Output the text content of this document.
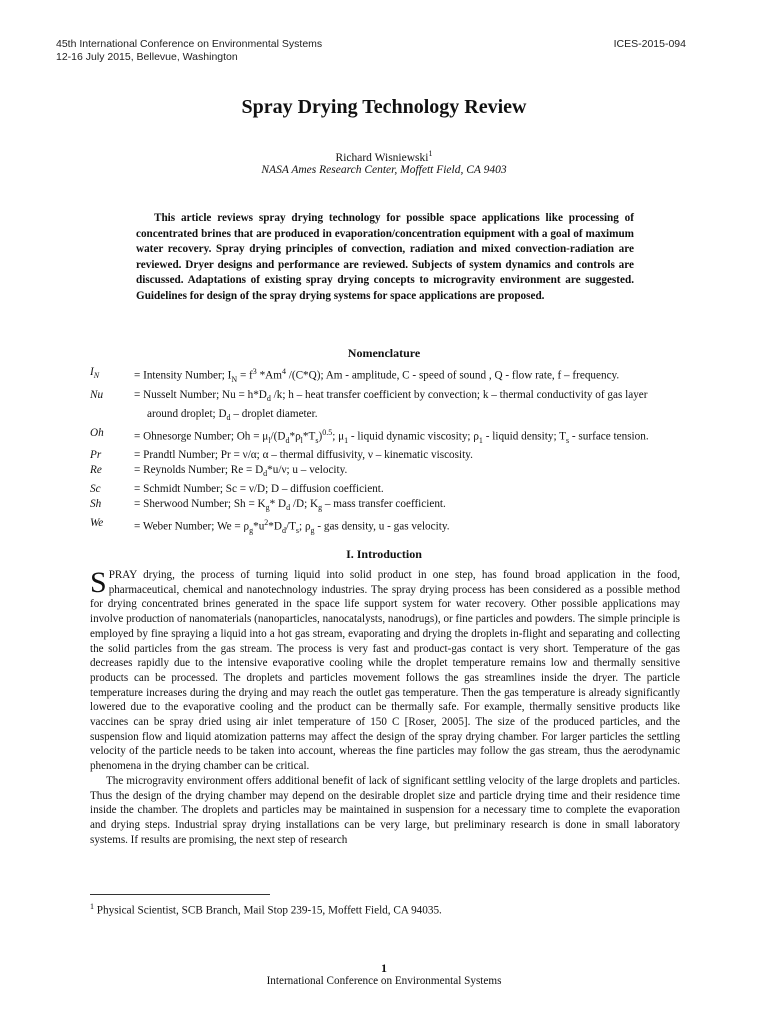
45th International Conference on Environmental Systems
12-16 July 2015, Bellevue, Washington
ICES-2015-094
Spray Drying Technology Review
Richard Wisniewski$^1$
NASA Ames Research Center, Moffett Field, CA 9403

This article reviews spray drying technology for possible space applications like processing of concentrated brines that are produced in evaporation/concentration equipment with a goal of maximum water recovery. Spray drying principles of convection, radiation and mixed convection-radiation are reviewed. Dryer designs and performance are reviewed. Subjects of system dynamics and controls are discussed. Adaptations of existing spray drying concepts to microgravity environment are suggested. Guidelines for design of the spray drying systems for space applications are proposed.

Nomenclature
$I_N$	= Intensity Number; $I_N = f^3$ *Am$^4$ /(C*Q); Am - amplitude, C - speed of sound , Q - flow rate, f – frequency.
Nu	= Nusselt Number; $Nu = h*D_d$ /k; h – heat transfer coefficient by convection; k – thermal conductivity of gas layer around droplet; $D_d$ – droplet diameter.
Oh	= Ohnesorge Number; $Oh = \mu_l/(D_d*\rho_l*T_s)^{0.5}$; $\mu_1$ - liquid dynamic viscosity; $\rho_1$ - liquid density; $T_s$ - surface tension.
Pr	= Prandtl Number; Pr = ν/α; α – thermal diffusivity, ν – kinematic viscosity.
Re	= Reynolds Number; $Re = D_d*u/\nu$; u – velocity.
Sc	= Schmidt Number; Sc = ν/D; D – diffusion coefficient.
Sh	= Sherwood Number; $Sh = K_g*$ $D_d$ /D; $K_g$ – mass transfer coefficient.
We	= Weber Number; $We = \rho_g*u^2*D_d/T_s$; $\rho_g$ - gas density, u - gas velocity.
I. Introduction

SPRAY drying, the process of turning liquid into solid product in one step, has found broad application in the food, pharmaceutical, chemical and nanotechnology industries. The spray drying process has been considered as a possible method for drying concentrated brines generated in the space life support system for water recovery. Other possible applications may involve production of nanomaterials (nanoparticles, nanocatalysts, nanodrugs), or fine particles and powders. The simple principle is employed by fine spraying a liquid into a hot gas stream, evaporating and drying the droplets in-flight and separating and collecting the solid particles from the gas stream. The process is very fast and product-gas contact is very short. Temperature of the gas decreases rapidly due to the intensive evaporative cooling while the droplet temperature remains low and thermally sensitive products can be processed. The droplets and particles movement follows the gas streamlines inside the dryer. The particle temperature increases during the drying and may reach the outlet gas temperature. Then the gas temperature is already significantly lowered due to the evaporative cooling and the product can be thermally safe. For example, thermally sensitive products like vaccines can be spray dried using air inlet temperature of 150 C [Roser, 2005]. The size of the produced particles, and the suspension flow and liquid atomization patterns may affect the design of the spray drying chamber. For larger particles the settling velocity of the particle needs to be taken into account, whereas the fine particles may follow the gas stream, thus the aerodynamic phenomena in the drying chamber can be critical.

The microgravity environment offers additional benefit of lack of significant settling velocity of the large droplets and particles. Thus the design of the drying chamber may depend on the desirable droplet size and particle drying time and their residence time inside the chamber. The droplets and particles may be maintained in suspension for a necessary time to complete the evaporation and drying steps. Industrial spray drying installations can be very large, but preliminary research is done in small laboratory systems. If results are promising, the next step of research

$^1$ Physical Scientist, SCB Branch, Mail Stop 239-15, Moffett Field, CA 94035.
1
International Conference on Environmental Systems
